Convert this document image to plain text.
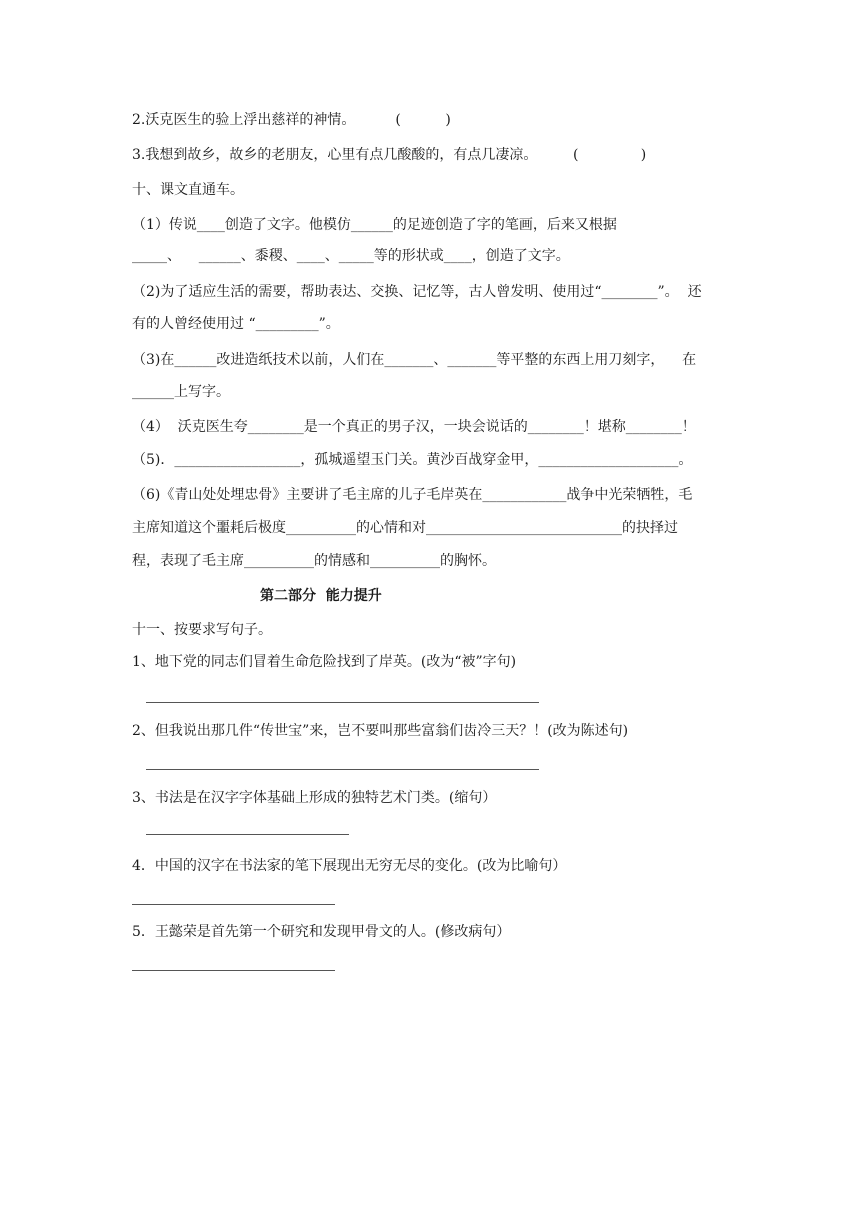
2.沃克医生的验上浮出慈祥的神情。         (          )
3.我想到故乡，故乡的老朋友，心里有点几酸酸的，有点几凄凉。        (              )
十、课文直通车。
（1）传说____创造了文字。他模仿______的足迹创造了字的笔画，后来又根据
_____、    ______、黍稷、____、_____等的形状或____，创造了文字。
（2)为了适应生活的需要，帮助表达、交换、记忆等，古人曾发明、使用过“________”。  还
有的人曾经使用过 “_________”。
（3)在______改进造纸技术以前，人们在_______、_______等平整的东西上用刀刻字，    在
______上写字。
（4）  沃克医生夸________是一个真正的男子汉，一块会说话的________！堪称________！
（5)．__________________，孤城遥望玉门关。黄沙百战穿金甲，____________________。
（6)《青山处处埋忠骨》主要讲了毛主席的儿子毛岸英在____________战争中光荣牺牲，毛
主席知道这个噩耗后极度__________的心情和对____________________________的抉择过
程，表现了毛主席__________的情感和__________的胸怀。
第二部分  能力提升
十一、按要求写句子。
1、地下党的同志们冒着生命危险找到了岸英。(改为“被”字句)
2、但我说出那几件“传世宝”来，岂不要叫那些富翁们齿冷三天？！(改为陈述句)
3、书法是在汉字字体基础上形成的独特艺术门类。(缩句）
4．中国的汉字在书法家的笔下展现出无穷无尽的变化。(改为比喻句）
5．王懿荣是首先第一个研究和发现甲骨文的人。(修改病句）
